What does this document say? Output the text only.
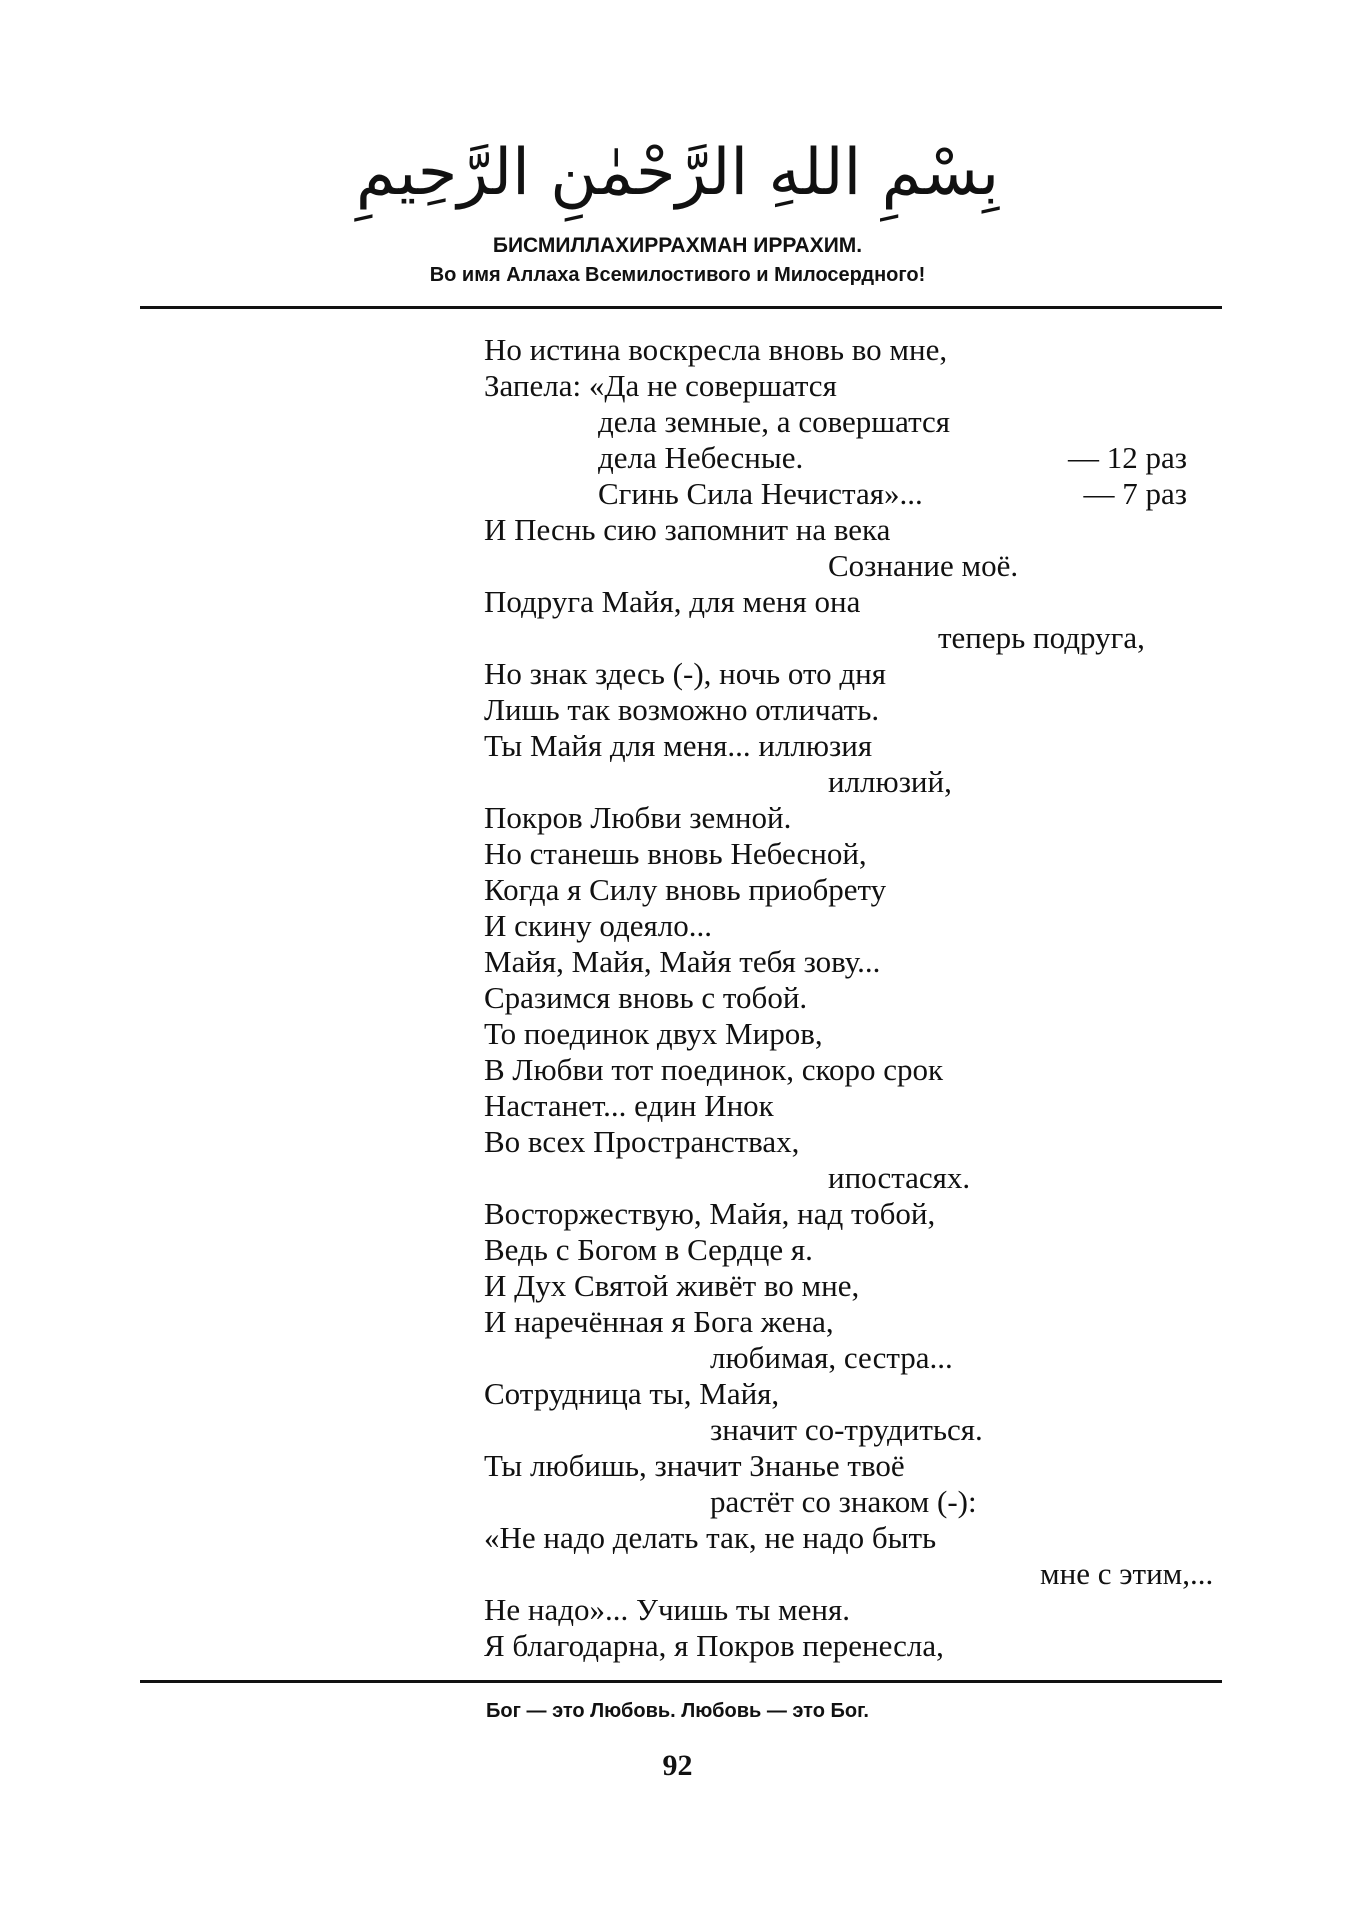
بِسْمِ اللهِ الرَّحْمٰنِ الرَّحِيمِ
БИСМИЛЛАХИРРАХМАН ИРРАХИМ.
Во имя Аллаха Всемилостивого и Милосердного!
Но истина воскресла вновь во мне,
Запела: «Да не совершатся
дела земные, а совершатся
дела Небесные.	— 12 раз
Сгинь Сила Нечистая»...	— 7 раз
И Песнь сию запомнит на века
Сознание моё.
Подруга Майя, для меня она
теперь подруга,
Но знак здесь (-), ночь ото дня
Лишь так возможно отличать.
Ты Майя для меня... иллюзия
иллюзий,
Покров Любви земной.
Но станешь вновь Небесной,
Когда я Силу вновь приобрету
И скину одеяло...
Майя, Майя, Майя тебя зову...
Сразимся вновь с тобой.
То поединок двух Миров,
В Любви тот поединок, скоро срок
Настанет... един Инок
Во всех Пространствах,
ипостасях.
Восторжествую, Майя, над тобой,
Ведь с Богом в Сердце я.
И Дух Святой живёт во мне,
И наречённая я Бога жена,
любимая, сестра...
Сотрудница ты, Майя,
значит со-трудиться.
Ты любишь, значит Знанье твоё
растёт со знаком (-):
«Не надо делать так, не надо быть
мне с этим,...
Не надо»... Учишь ты меня.
Я благодарна, я Покров перенесла,
Бог — это Любовь. Любовь — это Бог.
92
